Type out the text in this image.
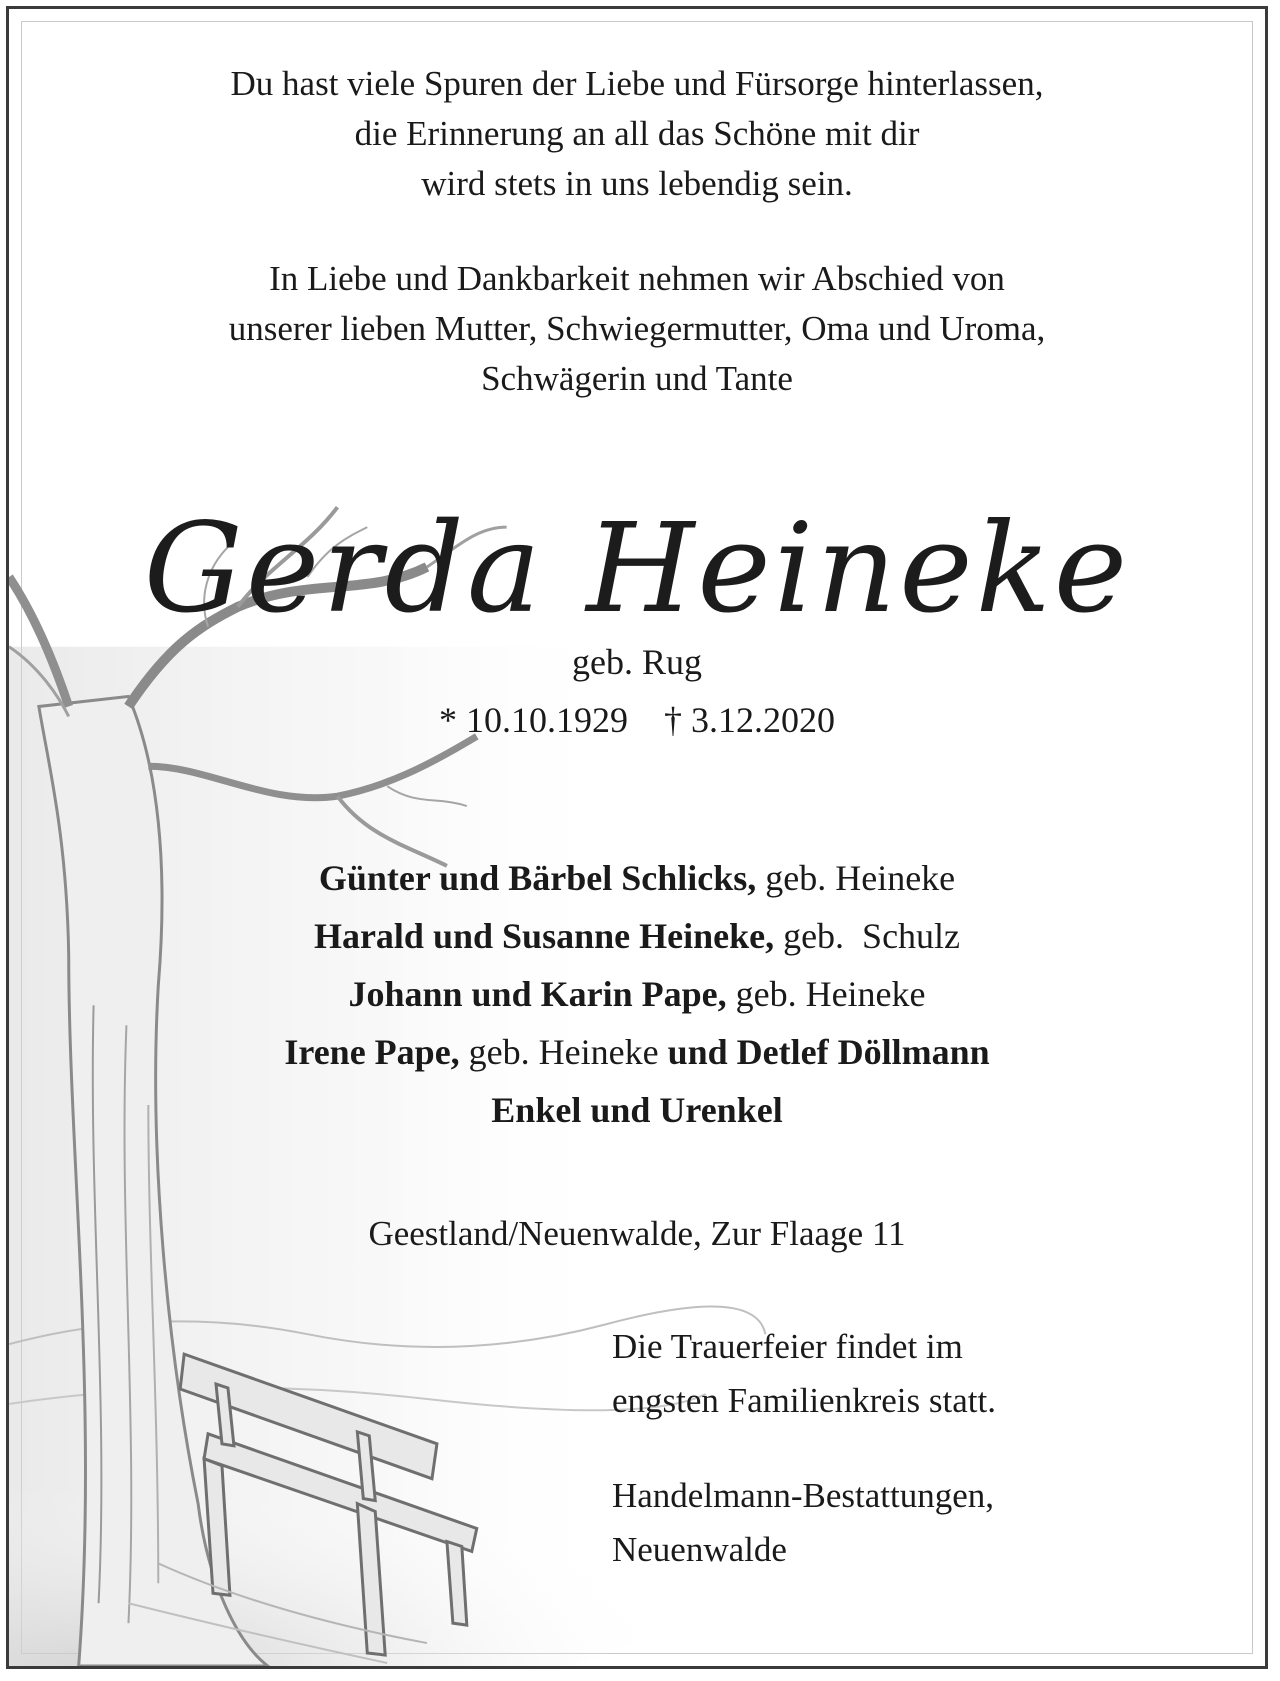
Du hast viele Spuren der Liebe und Fürsorge hinterlassen,

die Erinnerung an all das Schöne mit dir

wird stets in uns lebendig sein.

In Liebe und Dankbarkeit nehmen wir Abschied von

unserer lieben Mutter, Schwiegermutter, Oma und Uroma,

Schwägerin und Tante

Gerda Heineke

geb. Rug

* 10.10.1929 † 3.12.2020

Günter und Bärbel Schlicks, geb. Heineke

Harald und Susanne Heineke, geb.  Schulz

Johann und Karin Pape, geb. Heineke

Irene Pape, geb. Heineke und Detlef Döllmann

Enkel und Urenkel

Geestland/Neuenwalde, Zur Flaage 11

Die Trauerfeier findet im

engsten Familienkreis statt.

Handelmann-Bestattungen,

Neuenwalde
